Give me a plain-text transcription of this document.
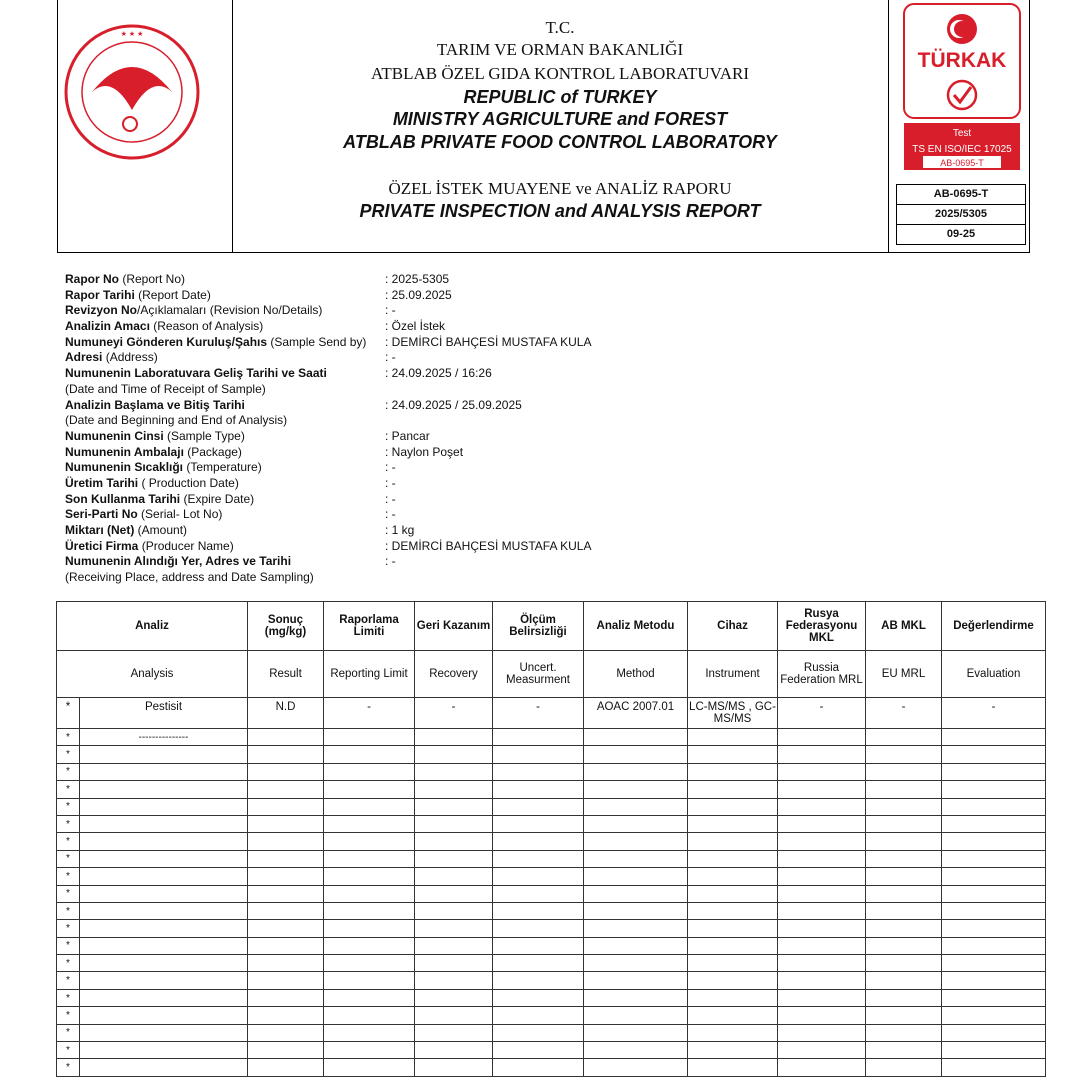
★ ★ ★	T.C.
TARIM VE ORMAN BAKANLIĞI
ATBLAB ÖZEL GIDA KONTROL LABORATUVARI
REPUBLIC of TURKEY
MINISTRY AGRICULTURE and FOREST
ATBLAB PRIVATE FOOD CONTROL LABORATORY
ÖZEL İSTEK MUAYENE ve ANALİZ RAPORU
PRIVATE INSPECTION and ANALYSIS REPORT
TÜRKAK
Test
TS EN ISO/IEC 17025
AB-0695-T
AB-0695-T
2025/5305
09-25
Rapor No (Report No)	: 2025-5305
Rapor Tarihi (Report Date)	: 25.09.2025
Revizyon No/Açıklamaları (Revision No/Details)	: -
Analizin Amacı (Reason of Analysis)	: Özel İstek
Numuneyi Gönderen Kuruluş/Şahıs (Sample Send by) : DEMİRCİ BAHÇESİ MUSTAFA KULA
Adresi (Address)	: -
Numunenin Laboratuvara Geliş Tarihi ve Saati	: 24.09.2025 / 16:26
(Date and Time of Receipt of Sample)
Analizin Başlama ve Bitiş Tarihi	: 24.09.2025 / 25.09.2025
(Date and Beginning and End of Analysis)
Numunenin Cinsi (Sample Type)	: Pancar
Numunenin Ambalajı (Package)	: Naylon Poşet
Numunenin Sıcaklığı (Temperature)	: -
Üretim Tarihi ( Production Date)	: -
Son Kullanma Tarihi (Expire Date)	: -
Seri-Parti No (Serial- Lot No)	: -
Miktarı (Net) (Amount)	: 1 kg
Üretici Firma (Producer Name)	: DEMİRCİ BAHÇESİ MUSTAFA KULA
Numunenin Alındığı Yer, Adres ve Tarihi	: -
(Receiving Place, address and Date Sampling)
Analiz		Sonuç (mg/kg)	Raporlama Limiti	Geri Kazanım	Ölçüm Belirsizliği	Analiz Metodu	Cihaz	Rusya Federasyonu MKL	AB MKL	Değerlendirme
Analysis		Result	Reporting Limit	Recovery	Uncert. Measurment	Method	Instrument	Russia Federation MRL	EU MRL	Evaluation
*	Pestisit	N.D	-	-	-	AOAC 2007.01	LC-MS/MS , GC-MS/MS	-	-	-
*	---------------									
*										
*										
*										
*										
*										
*										
*										
*										
*										
*										
*										
*										
*										
*										
*										
*										
*										
*										
*										
